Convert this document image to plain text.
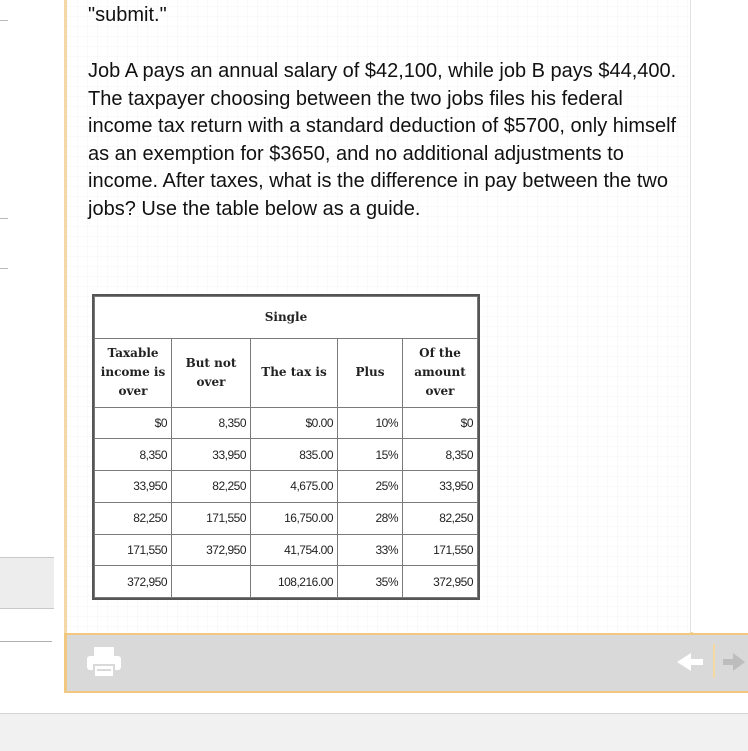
"submit."
Job A pays an annual salary of $42,100, while job B pays $44,400. The taxpayer choosing between the two jobs files his federal income tax return with a standard deduction of $5700, only himself as an exemption for $3650, and no additional adjustments to income. After taxes, what is the difference in pay between the two jobs? Use the table below as a guide.
Single				
Taxable income is over	But not over	The tax is	Plus	Of the amount over
$0	8,350	$0.00	10%	$0
8,350	33,950	835.00	15%	8,350
33,950	82,250	4,675.00	25%	33,950
82,250	171,550	16,750.00	28%	82,250
171,550	372,950	41,754.00	33%	171,550
372,950		108,216.00	35%	372,950
